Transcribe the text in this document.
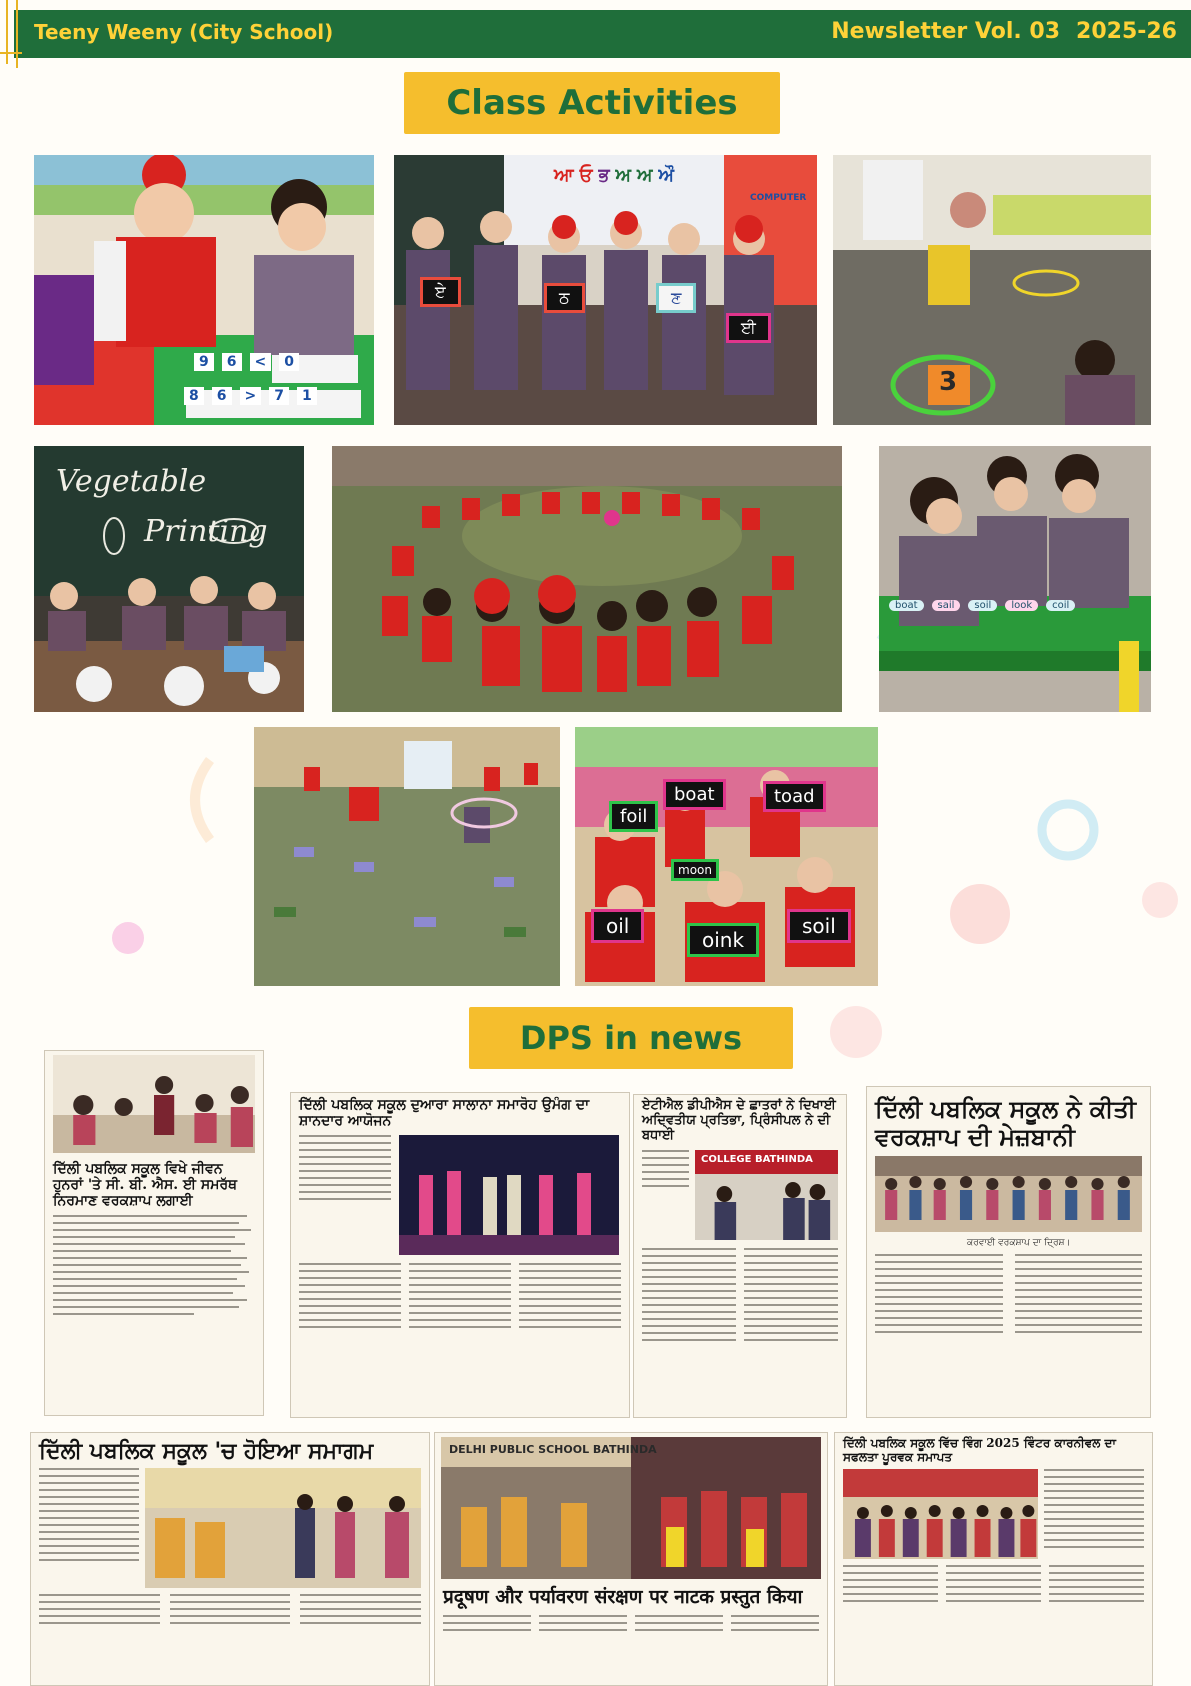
Teeny Weeny (City School)	Newsletter Vol. 03 2025-26
Class Activities
9	6	<	0
8	6	>	7	1
ਆ ਓ ਭ ਅ ਅ ਔ
COMPUTER
ਏ	ਠ	ਣ
ਈ
3
Vegetable
Printing
boat	sail	soil	look	coil
foil
boat	toad
moon
oil
oink
soil
DPS in news
ਦਿੱਲੀ ਪਬਲਿਕ ਸਕੂਲ ਵਿਖੇ ਜੀਵਨ ਹੁਨਰਾਂ 'ਤੇ ਸੀ. ਬੀ. ਐਸ. ਈ ਸਮਰੱਥ ਨਿਰਮਾਣ ਵਰਕਸ਼ਾਪ ਲਗਾਈ
ਦਿੱਲੀ ਪਬਲਿਕ ਸਕੂਲ ਦੁਆਰਾ ਸਾਲਾਨਾ ਸਮਾਰੋਹ ਉਮੰਗ ਦਾ ਸ਼ਾਨਦਾਰ ਆਯੋਜਨ
ਏਟੀਐਲ ਡੀਪੀਐਸ ਦੇ ਛਾਤਰਾਂ ਨੇ ਦਿਖਾਈ ਅਦ੍ਵਿਤੀਯ ਪ੍ਰਤਿਭਾ, ਪ੍ਰਿੰਸੀਪਲ ਨੇ ਦੀ ਬਧਾਈ
COLLEGE BATHINDA
ਦਿੱਲੀ ਪਬਲਿਕ ਸਕੂਲ ਨੇ ਕੀਤੀ ਵਰਕਸ਼ਾਪ ਦੀ ਮੇਜ਼ਬਾਨੀ
ਕਰਵਾਈ ਵਰਕਸ਼ਾਪ ਦਾ ਦ੍ਰਿਸ਼।
ਦਿੱਲੀ ਪਬਲਿਕ ਸਕੂਲ 'ਚ ਹੋਇਆ ਸਮਾਗਮ	DELHI PUBLIC SCHOOL BATHINDA
प्रदूषण और पर्यावरण संरक्षण पर नाटक प्रस्तुत किया
ਦਿੱਲੀ ਪਬਲਿਕ ਸਕੂਲ ਵਿੱਚ ਵਿੰਗ 2025 ਵਿੰਟਰ ਕਾਰਨੀਵਲ ਦਾ ਸਫਲਤਾ ਪੂਰਵਕ ਸਮਾਪਤ
